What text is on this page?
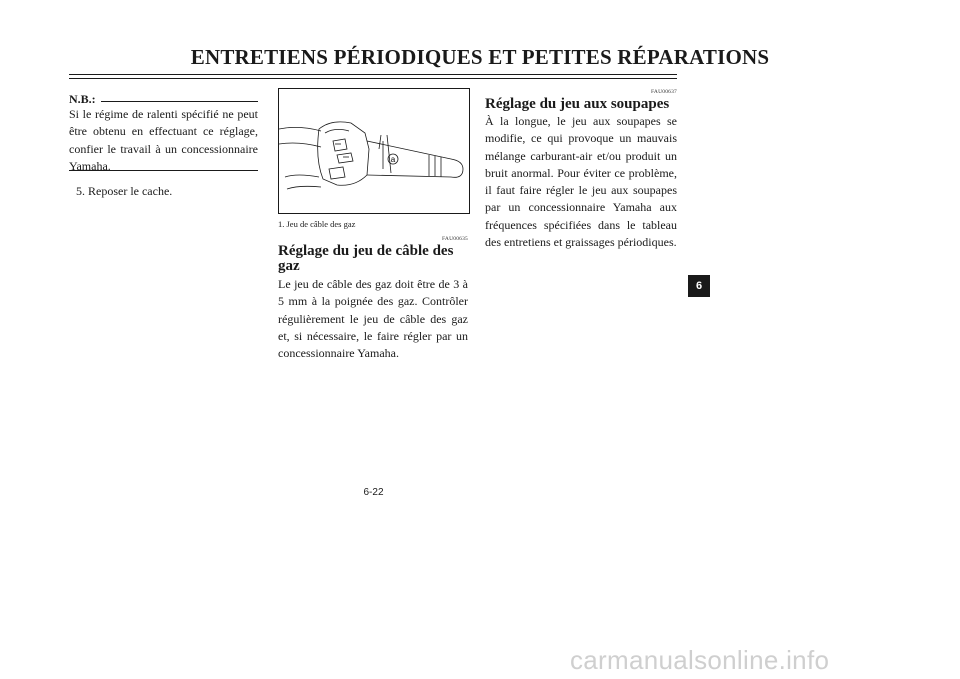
ENTRETIENS PÉRIODIQUES ET PETITES RÉPARATIONS
N.B.:
Si le régime de ralenti spécifié ne peut être obtenu en effectuant ce réglage, confier le travail à un concessionnaire Yamaha.
5. Reposer le cache.
a
1. Jeu de câble des gaz
FAU00635
Réglage du jeu de câble des gaz
Le jeu de câble des gaz doit être de 3 à 5 mm à la poignée des gaz. Contrôler régulièrement le jeu de câble des gaz et, si nécessaire, le faire régler par un concessionnaire Yamaha.
FAU00637
Réglage du jeu aux soupapes
À la longue, le jeu aux soupapes se modifie, ce qui provoque un mauvais mélange carburant-air et/ou produit un bruit anormal. Pour éviter ce problème, il faut faire régler le jeu aux soupapes par un concessionnaire Yamaha aux fréquences spécifiées dans le tableau des entretiens et graissages périodiques.
6
6-22
carmanualsonline.info
